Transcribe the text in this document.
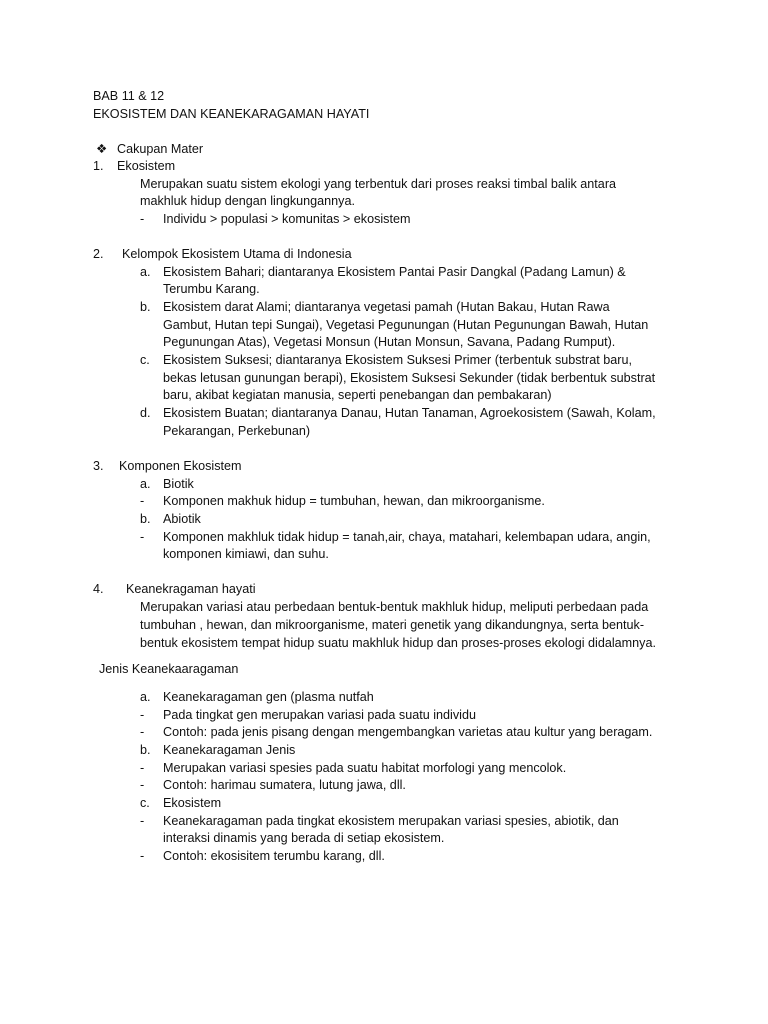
BAB 11 & 12
EKOSISTEM DAN KEANEKARAGAMAN HAYATI
❖ Cakupan Mater
1. Ekosistem
Merupakan suatu sistem ekologi yang terbentuk dari proses reaksi timbal balik antara
makhluk hidup dengan lingkungannya.
- Individu > populasi > komunitas > ekosistem
2. Kelompok Ekosistem Utama di Indonesia
a. Ekosistem Bahari; diantaranya Ekosistem Pantai Pasir Dangkal (Padang Lamun) &
Terumbu Karang.
b. Ekosistem darat Alami; diantaranya vegetasi pamah (Hutan Bakau, Hutan Rawa
Gambut, Hutan tepi Sungai), Vegetasi Pegunungan (Hutan Pegunungan Bawah, Hutan
Pegunungan Atas), Vegetasi Monsun (Hutan Monsun, Savana, Padang Rumput).
c. Ekosistem Suksesi; diantaranya Ekosistem Suksesi Primer (terbentuk substrat baru,
bekas letusan gunungan berapi), Ekosistem Suksesi Sekunder (tidak berbentuk substrat
baru, akibat kegiatan manusia, seperti penebangan dan pembakaran)
d. Ekosistem Buatan; diantaranya Danau, Hutan Tanaman, Agroekosistem (Sawah, Kolam,
Pekarangan, Perkebunan)
3. Komponen Ekosistem
a. Biotik
- Komponen makhuk hidup = tumbuhan, hewan, dan mikroorganisme.
b. Abiotik
- Komponen makhluk tidak hidup = tanah,air, chaya, matahari, kelembapan udara, angin,
komponen kimiawi, dan suhu.
4. Keanekragaman hayati
Merupakan variasi atau perbedaan bentuk-bentuk makhluk hidup, meliputi perbedaan pada
tumbuhan , hewan, dan mikroorganisme, materi genetik yang dikandungnya, serta bentuk-
bentuk ekosistem tempat hidup suatu makhluk hidup dan proses-proses ekologi didalamnya.
Jenis Keanekaaragaman
a. Keanekaragaman gen (plasma nutfah
- Pada tingkat gen merupakan variasi pada suatu individu
- Contoh: pada jenis pisang dengan mengembangkan varietas atau kultur yang beragam.
b. Keanekaragaman Jenis
- Merupakan variasi spesies pada suatu habitat morfologi yang mencolok.
- Contoh: harimau sumatera, lutung jawa, dll.
c. Ekosistem
- Keanekaragaman pada tingkat ekosistem merupakan variasi spesies, abiotik, dan
interaksi dinamis yang berada di setiap ekosistem.
- Contoh: ekosisitem terumbu karang, dll.
